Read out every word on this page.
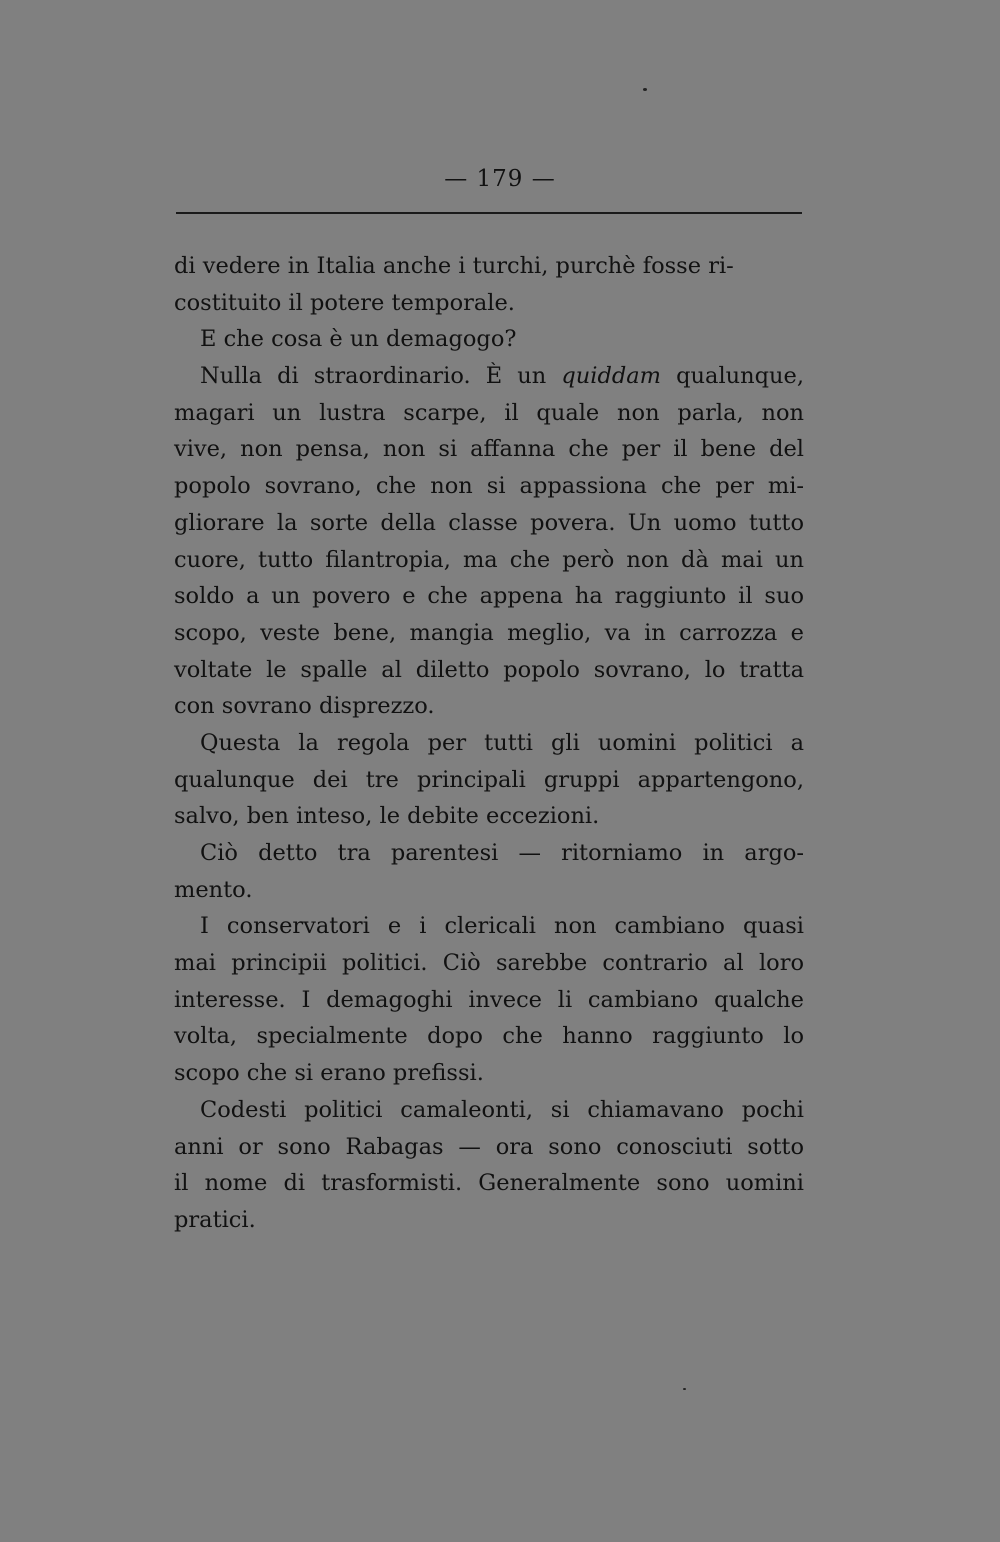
— 179 —
di vedere in Italia anche i turchi, purchè fosse ri-
costituito il potere temporale.
E che cosa è un demagogo?
Nulla di straordinario. È un quiddam qualunque,
magari un lustra scarpe, il quale non parla, non
vive, non pensa, non si affanna che per il bene del
popolo sovrano, che non si appassiona che per mi-
gliorare la sorte della classe povera. Un uomo tutto
cuore, tutto filantropia, ma che però non dà mai un
soldo a un povero e che appena ha raggiunto il suo
scopo, veste bene, mangia meglio, va in carrozza e
voltate le spalle al diletto popolo sovrano, lo tratta
con sovrano disprezzo.
Questa la regola per tutti gli uomini politici a
qualunque dei tre principali gruppi appartengono,
salvo, ben inteso, le debite eccezioni.
Ciò detto tra parentesi — ritorniamo in argo-
mento.
I conservatori e i clericali non cambiano quasi
mai principii politici. Ciò sarebbe contrario al loro
interesse. I demagoghi invece li cambiano qualche
volta, specialmente dopo che hanno raggiunto lo
scopo che si erano prefissi.
Codesti politici camaleonti, si chiamavano pochi
anni or sono Rabagas — ora sono conosciuti sotto
il nome di trasformisti. Generalmente sono uomini
pratici.
